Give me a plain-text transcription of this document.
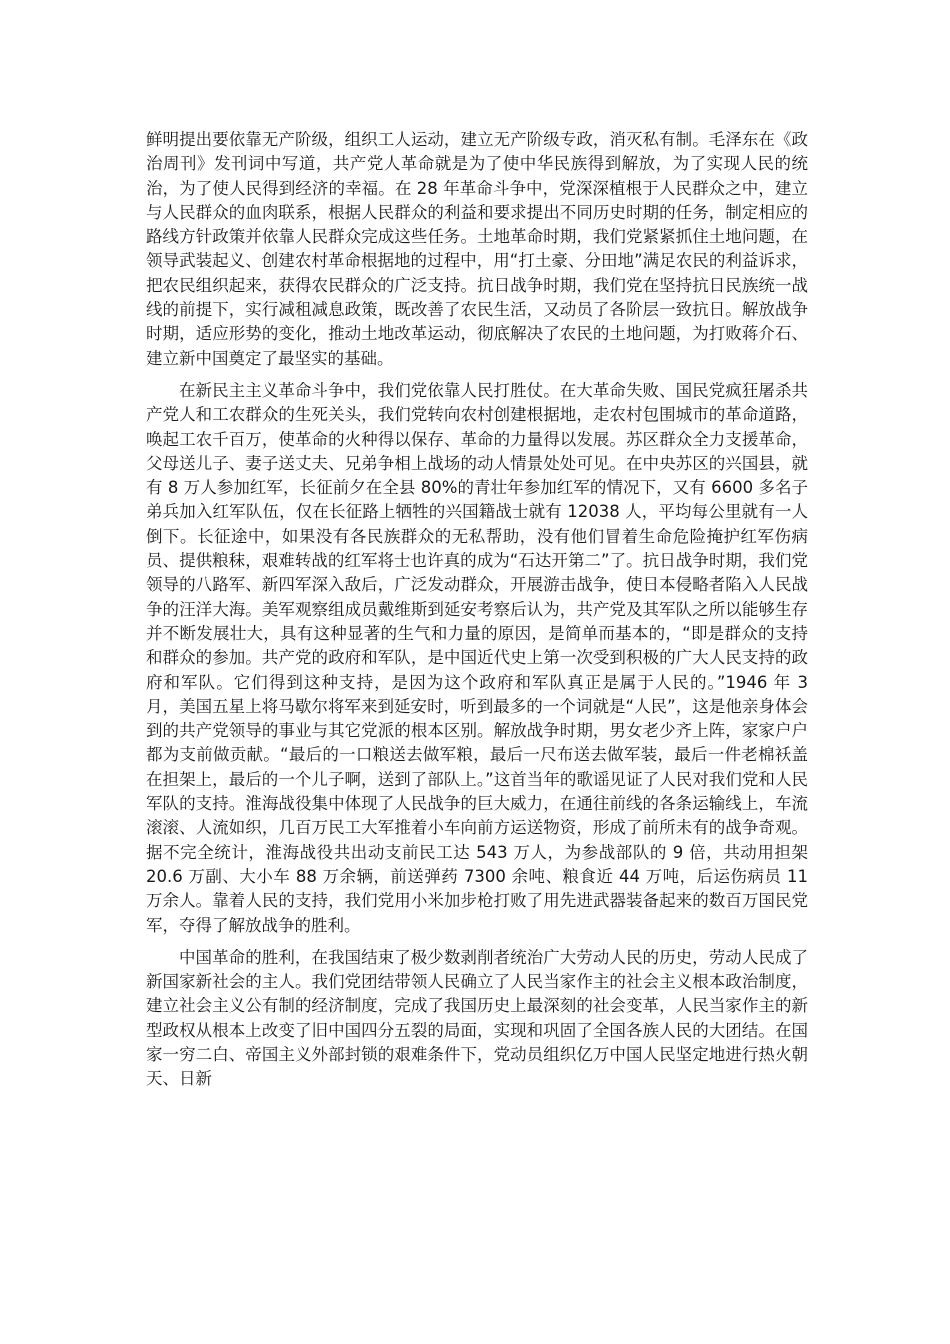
鲜明提出要依靠无产阶级，组织工人运动，建立无产阶级专政，消灭私有制。毛泽东在《政治周刊》发刊词中写道，共产党人革命就是为了使中华民族得到解放，为了实现人民的统治，为了使人民得到经济的幸福。在 28 年革命斗争中，党深深植根于人民群众之中，建立与人民群众的血肉联系，根据人民群众的利益和要求提出不同历史时期的任务，制定相应的路线方针政策并依靠人民群众完成这些任务。土地革命时期，我们党紧紧抓住土地问题，在领导武装起义、创建农村革命根据地的过程中，用“打土豪、分田地”满足农民的利益诉求，把农民组织起来，获得农民群众的广泛支持。抗日战争时期，我们党在坚持抗日民族统一战线的前提下，实行减租减息政策，既改善了农民生活，又动员了各阶层一致抗日。解放战争时期，适应形势的变化，推动土地改革运动，彻底解决了农民的土地问题，为打败蒋介石、建立新中国奠定了最坚实的基础。

在新民主主义革命斗争中，我们党依靠人民打胜仗。在大革命失败、国民党疯狂屠杀共产党人和工农群众的生死关头，我们党转向农村创建根据地，走农村包围城市的革命道路，唤起工农千百万，使革命的火种得以保存、革命的力量得以发展。苏区群众全力支援革命，父母送儿子、妻子送丈夫、兄弟争相上战场的动人情景处处可见。在中央苏区的兴国县，就有 8 万人参加红军，长征前夕在全县 80%的青壮年参加红军的情况下，又有 6600 多名子弟兵加入红军队伍，仅在长征路上牺牲的兴国籍战士就有 12038 人，平均每公里就有一人倒下。长征途中，如果没有各民族群众的无私帮助，没有他们冒着生命危险掩护红军伤病员、提供粮秣，艰难转战的红军将士也许真的成为“石达开第二”了。抗日战争时期，我们党领导的八路军、新四军深入敌后，广泛发动群众，开展游击战争，使日本侵略者陷入人民战争的汪洋大海。美军观察组成员戴维斯到延安考察后认为，共产党及其军队之所以能够生存并不断发展壮大，具有这种显著的生气和力量的原因，是简单而基本的，“即是群众的支持和群众的参加。共产党的政府和军队，是中国近代史上第一次受到积极的广大人民支持的政府和军队。它们得到这种支持，是因为这个政府和军队真正是属于人民的。”1946 年 3 月，美国五星上将马歇尔将军来到延安时，听到最多的一个词就是“人民”，这是他亲身体会到的共产党领导的事业与其它党派的根本区别。解放战争时期，男女老少齐上阵，家家户户都为支前做贡献。“最后的一口粮送去做军粮，最后一尺布送去做军装，最后一件老棉袄盖在担架上，最后的一个儿子啊，送到了部队上。”这首当年的歌谣见证了人民对我们党和人民军队的支持。淮海战役集中体现了人民战争的巨大威力，在通往前线的各条运输线上，车流滚滚、人流如织，几百万民工大军推着小车向前方运送物资，形成了前所未有的战争奇观。据不完全统计，淮海战役共出动支前民工达 543 万人，为参战部队的 9 倍，共动用担架 20.6 万副、大小车 88 万余辆，前送弹药 7300 余吨、粮食近 44 万吨，后运伤病员 11 万余人。靠着人民的支持，我们党用小米加步枪打败了用先进武器装备起来的数百万国民党军，夺得了解放战争的胜利。

中国革命的胜利，在我国结束了极少数剥削者统治广大劳动人民的历史，劳动人民成了新国家新社会的主人。我们党团结带领人民确立了人民当家作主的社会主义根本政治制度，建立社会主义公有制的经济制度，完成了我国历史上最深刻的社会变革，人民当家作主的新型政权从根本上改变了旧中国四分五裂的局面，实现和巩固了全国各族人民的大团结。在国家一穷二白、帝国主义外部封锁的艰难条件下，党动员组织亿万中国人民坚定地进行热火朝天、日新
